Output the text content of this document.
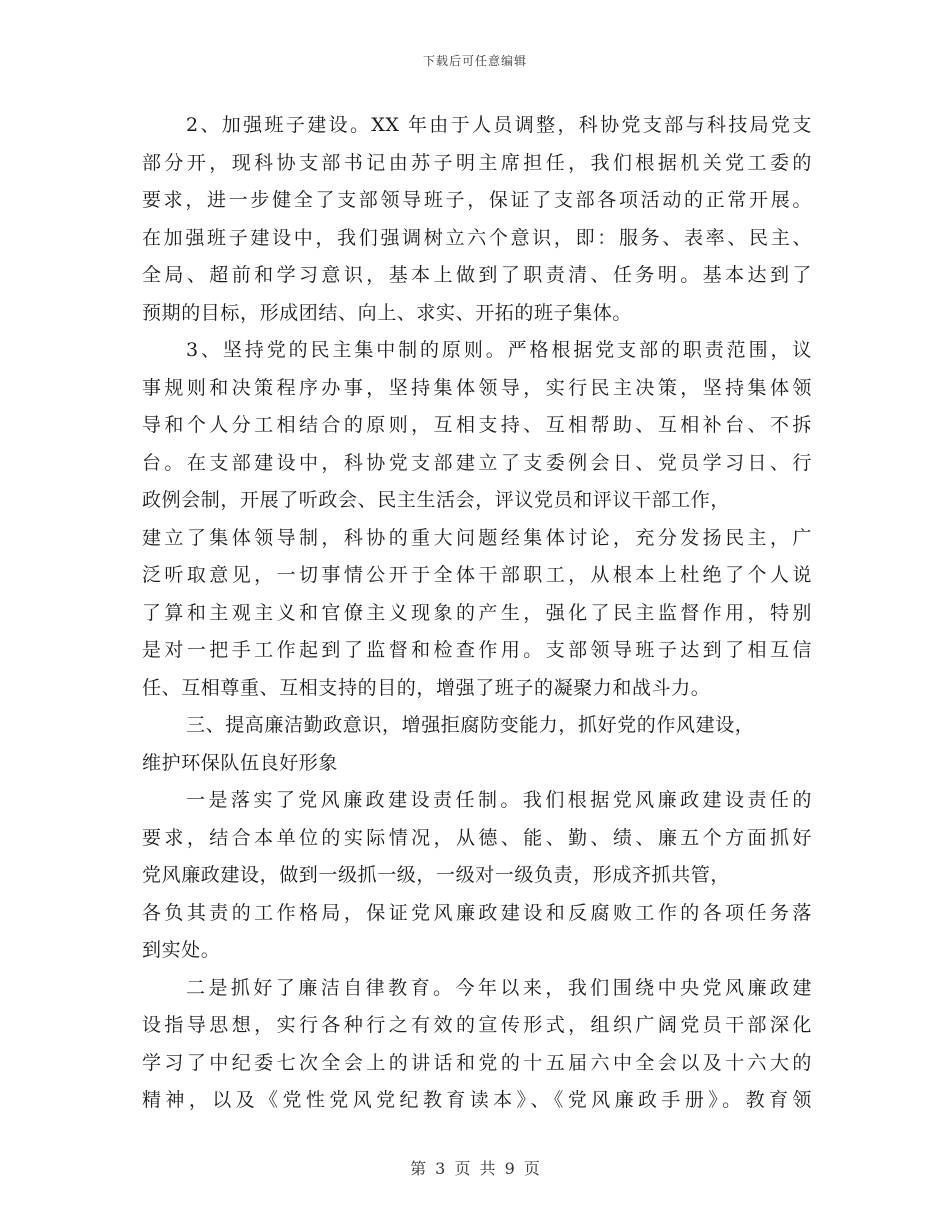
下载后可任意编辑
2、加强班子建设。XX 年由于人员调整，科协党支部与科技局党支
部分开，现科协支部书记由苏子明主席担任，我们根据机关党工委的
要求，进一步健全了支部领导班子，保证了支部各项活动的正常开展。
在加强班子建设中，我们强调树立六个意识，即：服务、表率、民主、
全局、超前和学习意识，基本上做到了职责清、任务明。基本达到了
预期的目标，形成团结、向上、求实、开拓的班子集体。
3、坚持党的民主集中制的原则。严格根据党支部的职责范围，议
事规则和决策程序办事，坚持集体领导，实行民主决策，坚持集体领
导和个人分工相结合的原则，互相支持、互相帮助、互相补台、不拆
台。在支部建设中，科协党支部建立了支委例会日、党员学习日、行
政例会制，开展了听政会、民主生活会，评议党员和评议干部工作，
建立了集体领导制，科协的重大问题经集体讨论，充分发扬民主，广
泛听取意见，一切事情公开于全体干部职工，从根本上杜绝了个人说
了算和主观主义和官僚主义现象的产生，强化了民主监督作用，特别
是对一把手工作起到了监督和检查作用。支部领导班子达到了相互信
任、互相尊重、互相支持的目的，增强了班子的凝聚力和战斗力。
三、提高廉洁勤政意识，增强拒腐防变能力，抓好党的作风建设，
维护环保队伍良好形象
一是落实了党风廉政建设责任制。我们根据党风廉政建设责任的
要求，结合本单位的实际情况，从德、能、勤、绩、廉五个方面抓好
党风廉政建设，做到一级抓一级，一级对一级负责，形成齐抓共管，
各负其责的工作格局，保证党风廉政建设和反腐败工作的各项任务落
到实处。
二是抓好了廉洁自律教育。今年以来，我们围绕中央党风廉政建
设指导思想，实行各种行之有效的宣传形式，组织广阔党员干部深化
学习了中纪委七次全会上的讲话和党的十五届六中全会以及十六大的
精神，以及《党性党风党纪教育读本》、《党风廉政手册》。教育领
第 3 页 共 9 页
